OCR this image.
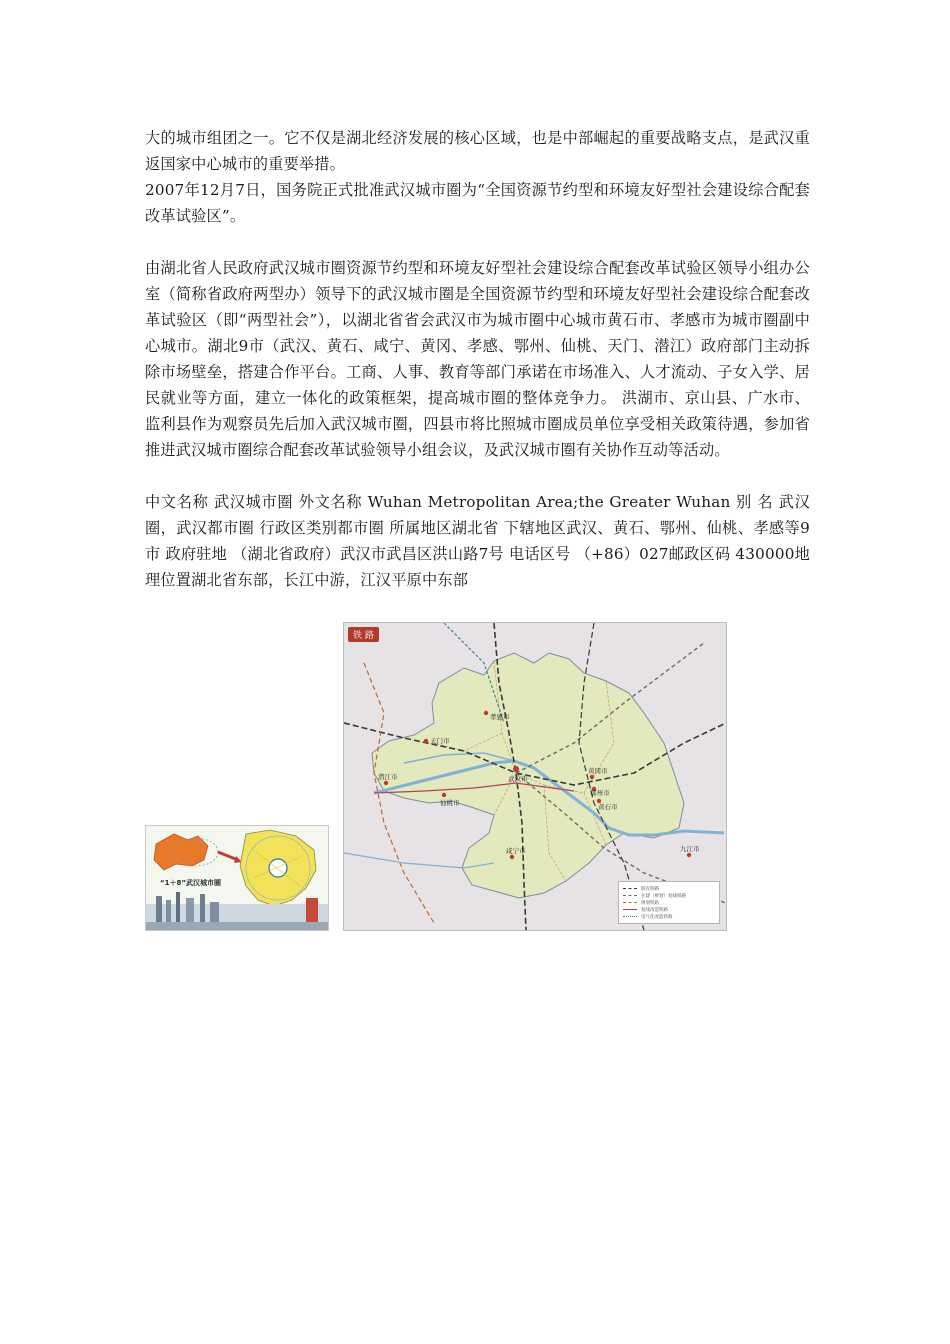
大的城市组团之一。它不仅是湖北经济发展的核心区域，也是中部崛起的重要战略支点，是武汉重返国家中心城市的重要举措。

2007年12月7日，国务院正式批准武汉城市圈为“全国资源节约型和环境友好型社会建设综合配套改革试验区”。

由湖北省人民政府武汉城市圈资源节约型和环境友好型社会建设综合配套改革试验区领导小组办公室（简称省政府两型办）领导下的武汉城市圈是全国资源节约型和环境友好型社会建设综合配套改革试验区（即“两型社会”），以湖北省省会武汉市为城市圈中心城市黄石市、孝感市为城市圈副中心城市。湖北9市（武汉、黄石、咸宁、黄冈、孝感、鄂州、仙桃、天门、潜江）政府部门主动拆除市场壁垒，搭建合作平台。工商、人事、教育等部门承诺在市场准入、人才流动、子女入学、居民就业等方面，建立一体化的政策框架，提高城市圈的整体竞争力。 洪湖市、京山县、广水市、监利县作为观察员先后加入武汉城市圈，四县市将比照城市圈成员单位享受相关政策待遇，参加省推进武汉城市圈综合配套改革试验领导小组会议，及武汉城市圈有关协作互动等活动。

中文名称 武汉城市圈 外文名称 Wuhan Metropolitan Area;the Greater Wuhan 别 名 武汉圈，武汉都市圈 行政区类别都市圈 所属地区湖北省 下辖地区武汉、黄石、鄂州、仙桃、孝感等9市 政府驻地 （湖北省政府）武汉市武昌区洪山路7号 电话区号 （+86）027邮政区码 430000地理位置湖北省东部，长江中游，江汉平原中东部

“1＋8”武汉城市圈
天门市
潜江市
仙桃市
孝感市
武汉市
黄冈市
鄂州市
黄石市
咸宁市	九江市
铁 路
既有铁路
在建（规划）复线铁路
规划铁路
复线改造铁路
电气化改造铁路
